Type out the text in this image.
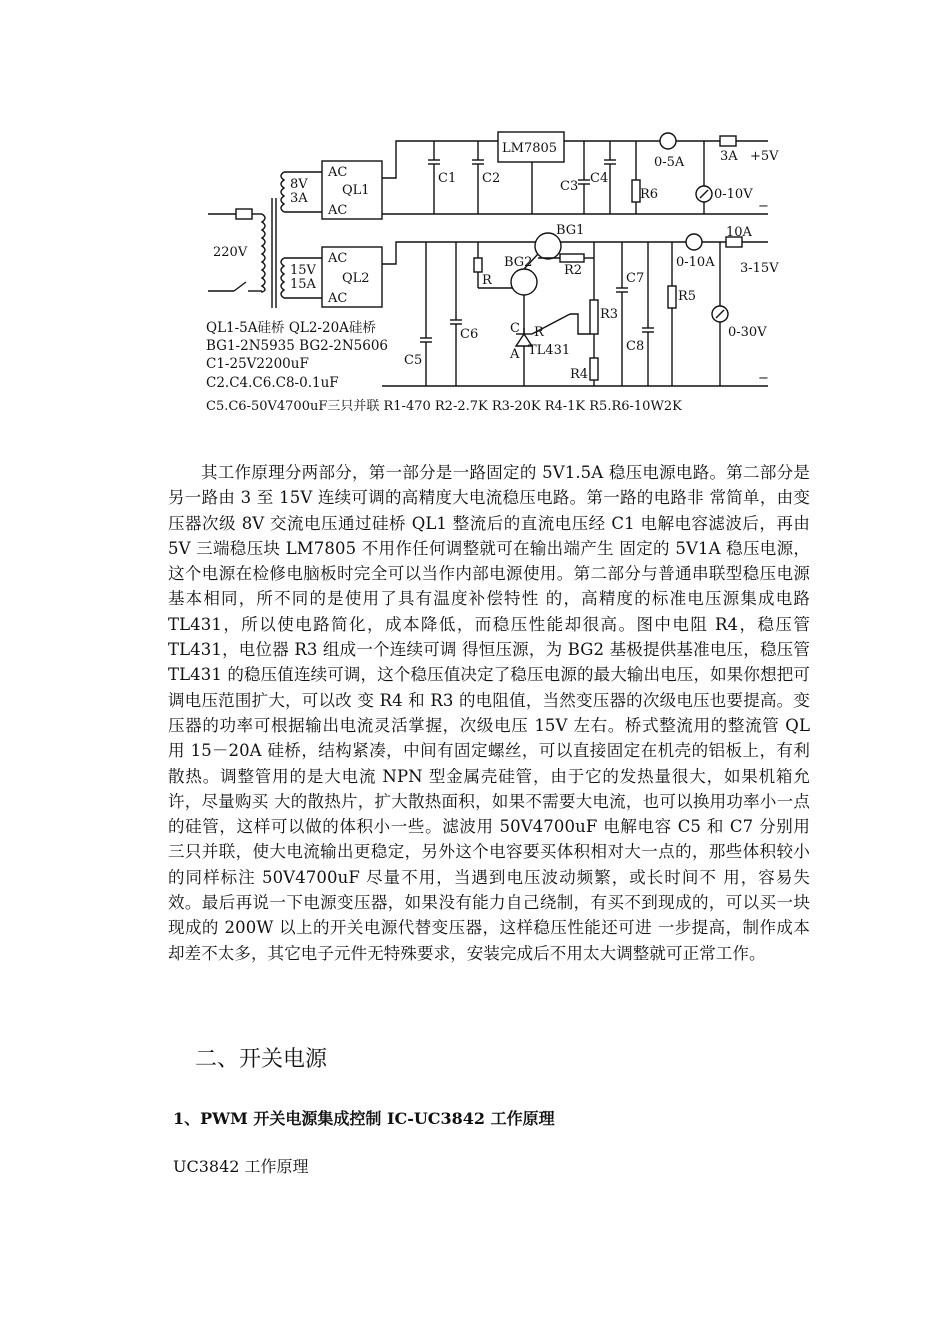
220V
8V
3A
15V
15A
AC
QL1
AC
AC
QL2
AC
LM7805
C1 C2
C3
C4
R6
0-5A	3A +5V
0-10V
−
BG1
BG2
R2
R
R3
R4
C R
A TL431
C5
C6
C7
C8
R5
0-10A
10A
3-15V
0-30V
−
QL1-5A硅桥 QL2-20A硅桥
BG1-2N5935 BG2-2N5606
C1-25V2200uF
C2.C4.C6.C8-0.1uF
C5.C6-50V4700uF三只并联 R1-470 R2-2.7K R3-20K R4-1K R5.R6-10W2K

其工作原理分两部分，第一部分是一路固定的 5V1.5A 稳压电源电路。第二部分是另一路由 3 至 15V 连续可调的高精度大电流稳压电路。第一路的电路非 常简单，由变压器次级 8V 交流电压通过硅桥 QL1 整流后的直流电压经 C1 电解电容滤波后，再由 5V 三端稳压块 LM7805 不用作任何调整就可在输出端产生 固定的 5V1A 稳压电源，这个电源在检修电脑板时完全可以当作内部电源使用。第二部分与普通串联型稳压电源基本相同，所不同的是使用了具有温度补偿特性 的，高精度的标准电压源集成电路 TL431，所以使电路简化，成本降低，而稳压性能却很高。图中电阻 R4，稳压管 TL431，电位器 R3 组成一个连续可调 得恒压源，为 BG2 基极提供基准电压，稳压管 TL431 的稳压值连续可调，这个稳压值决定了稳压电源的最大输出电压，如果你想把可调电压范围扩大，可以改 变 R4 和 R3 的电阻值，当然变压器的次级电压也要提高。变压器的功率可根据输出电流灵活掌握，次级电压 15V 左右。桥式整流用的整流管 QL 用 15－20A 硅桥，结构紧凑，中间有固定螺丝，可以直接固定在机壳的铝板上，有利散热。调整管用的是大电流 NPN 型金属壳硅管，由于它的发热量很大，如果机箱允许，尽量购买 大的散热片，扩大散热面积，如果不需要大电流，也可以换用功率小一点的硅管，这样可以做的体积小一些。滤波用 50V4700uF 电解电容 C5 和 C7 分别用 三只并联，使大电流输出更稳定，另外这个电容要买体积相对大一点的，那些体积较小的同样标注 50V4700uF 尽量不用，当遇到电压波动频繁，或长时间不 用，容易失效。最后再说一下电源变压器，如果没有能力自己绕制，有买不到现成的，可以买一块现成的 200W 以上的开关电源代替变压器，这样稳压性能还可进 一步提高，制作成本却差不太多，其它电子元件无特殊要求，安装完成后不用太大调整就可正常工作。

二、开关电源
1、PWM 开关电源集成控制 IC-UC3842 工作原理

UC3842 工作原理
